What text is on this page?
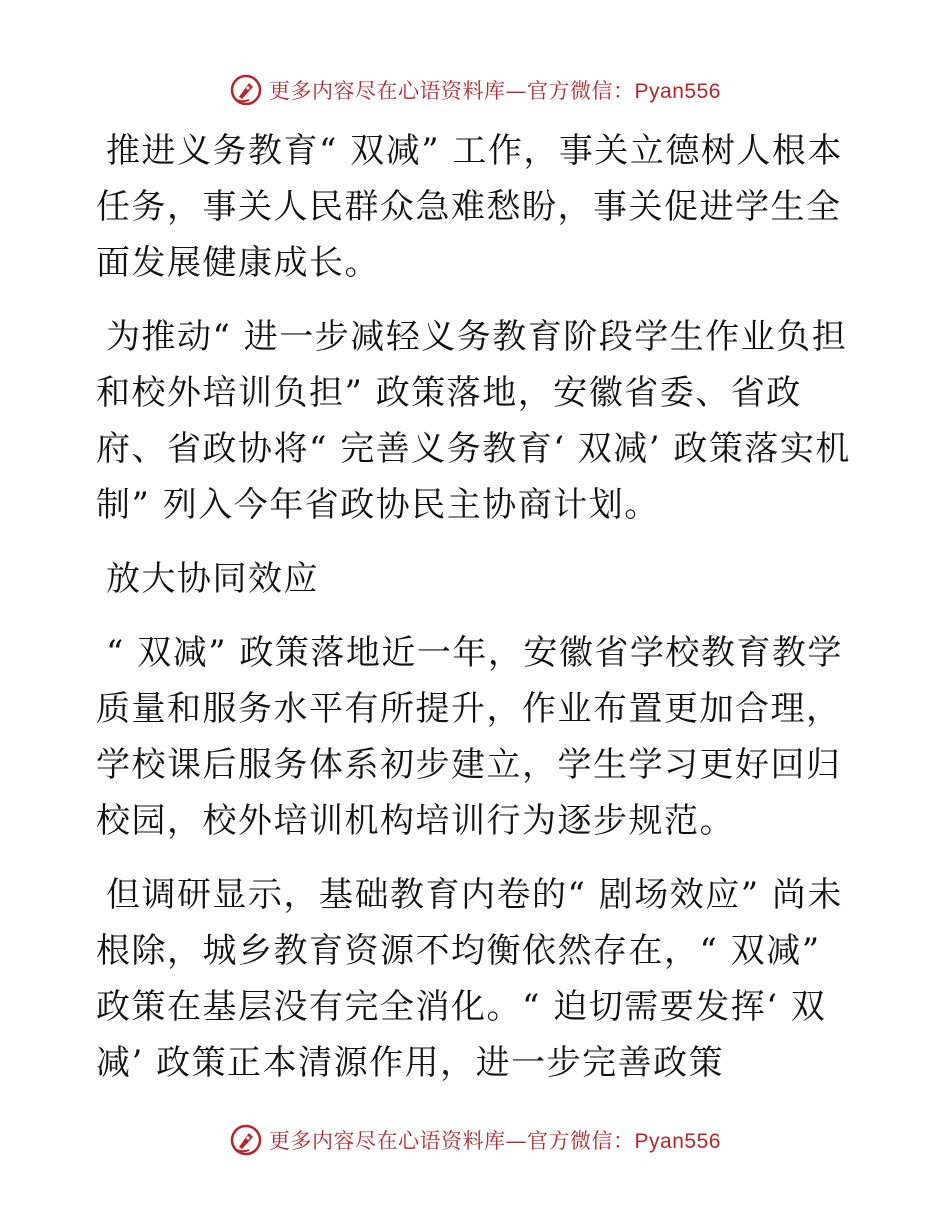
更多内容尽在心语资料库—官方微信：Pyan556

推进义务教育“ 双减” 工作，事关立德树人根本任务，事关人民群众急难愁盼，事关促进学生全面发展健康成长。

为推动“ 进一步减轻义务教育阶段学生作业负担和校外培训负担” 政策落地，安徽省委、省政府、省政协将“ 完善义务教育‘ 双减’ 政策落实机制” 列入今年省政协民主协商计划。

放大协同效应

“ 双减” 政策落地近一年，安徽省学校教育教学质量和服务水平有所提升，作业布置更加合理，学校课后服务体系初步建立，学生学习更好回归校园，校外培训机构培训行为逐步规范。

但调研显示，基础教育内卷的“ 剧场效应” 尚未根除，城乡教育资源不均衡依然存在，“ 双减” 政策在基层没有完全消化。“ 迫切需要发挥‘ 双减’ 政策正本清源作用，进一步完善政策

更多内容尽在心语资料库—官方微信：Pyan556
